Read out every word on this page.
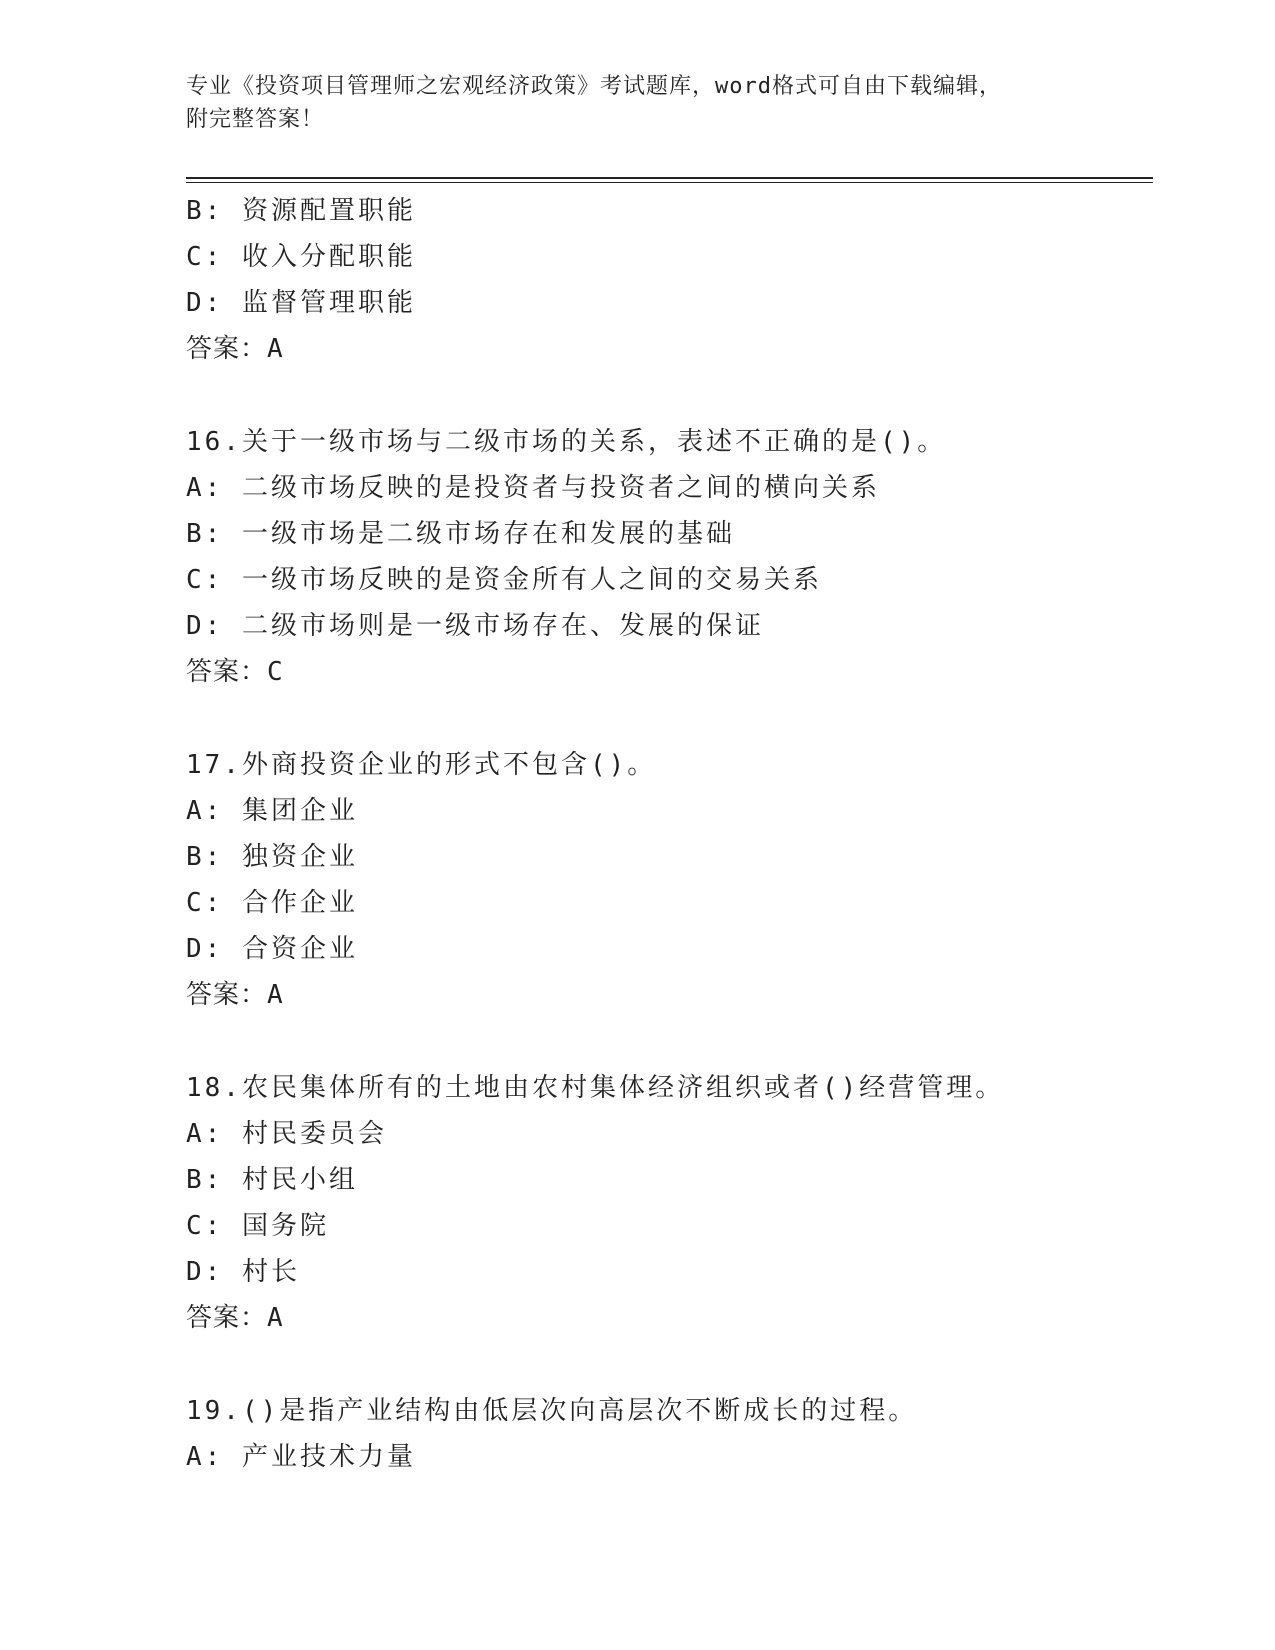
专业《投资项目管理师之宏观经济政策》考试题库，word格式可自由下载编辑，
附完整答案！
B: 资源配置职能
C: 收入分配职能
D: 监督管理职能
答案：A
16.关于一级市场与二级市场的关系，表述不正确的是()。
A: 二级市场反映的是投资者与投资者之间的横向关系
B: 一级市场是二级市场存在和发展的基础
C: 一级市场反映的是资金所有人之间的交易关系
D: 二级市场则是一级市场存在、发展的保证
答案：C
17.外商投资企业的形式不包含()。
A: 集团企业
B: 独资企业
C: 合作企业
D: 合资企业
答案：A
18.农民集体所有的土地由农村集体经济组织或者()经营管理。
A: 村民委员会
B: 村民小组
C: 国务院
D: 村长
答案：A
19.()是指产业结构由低层次向高层次不断成长的过程。
A: 产业技术力量
